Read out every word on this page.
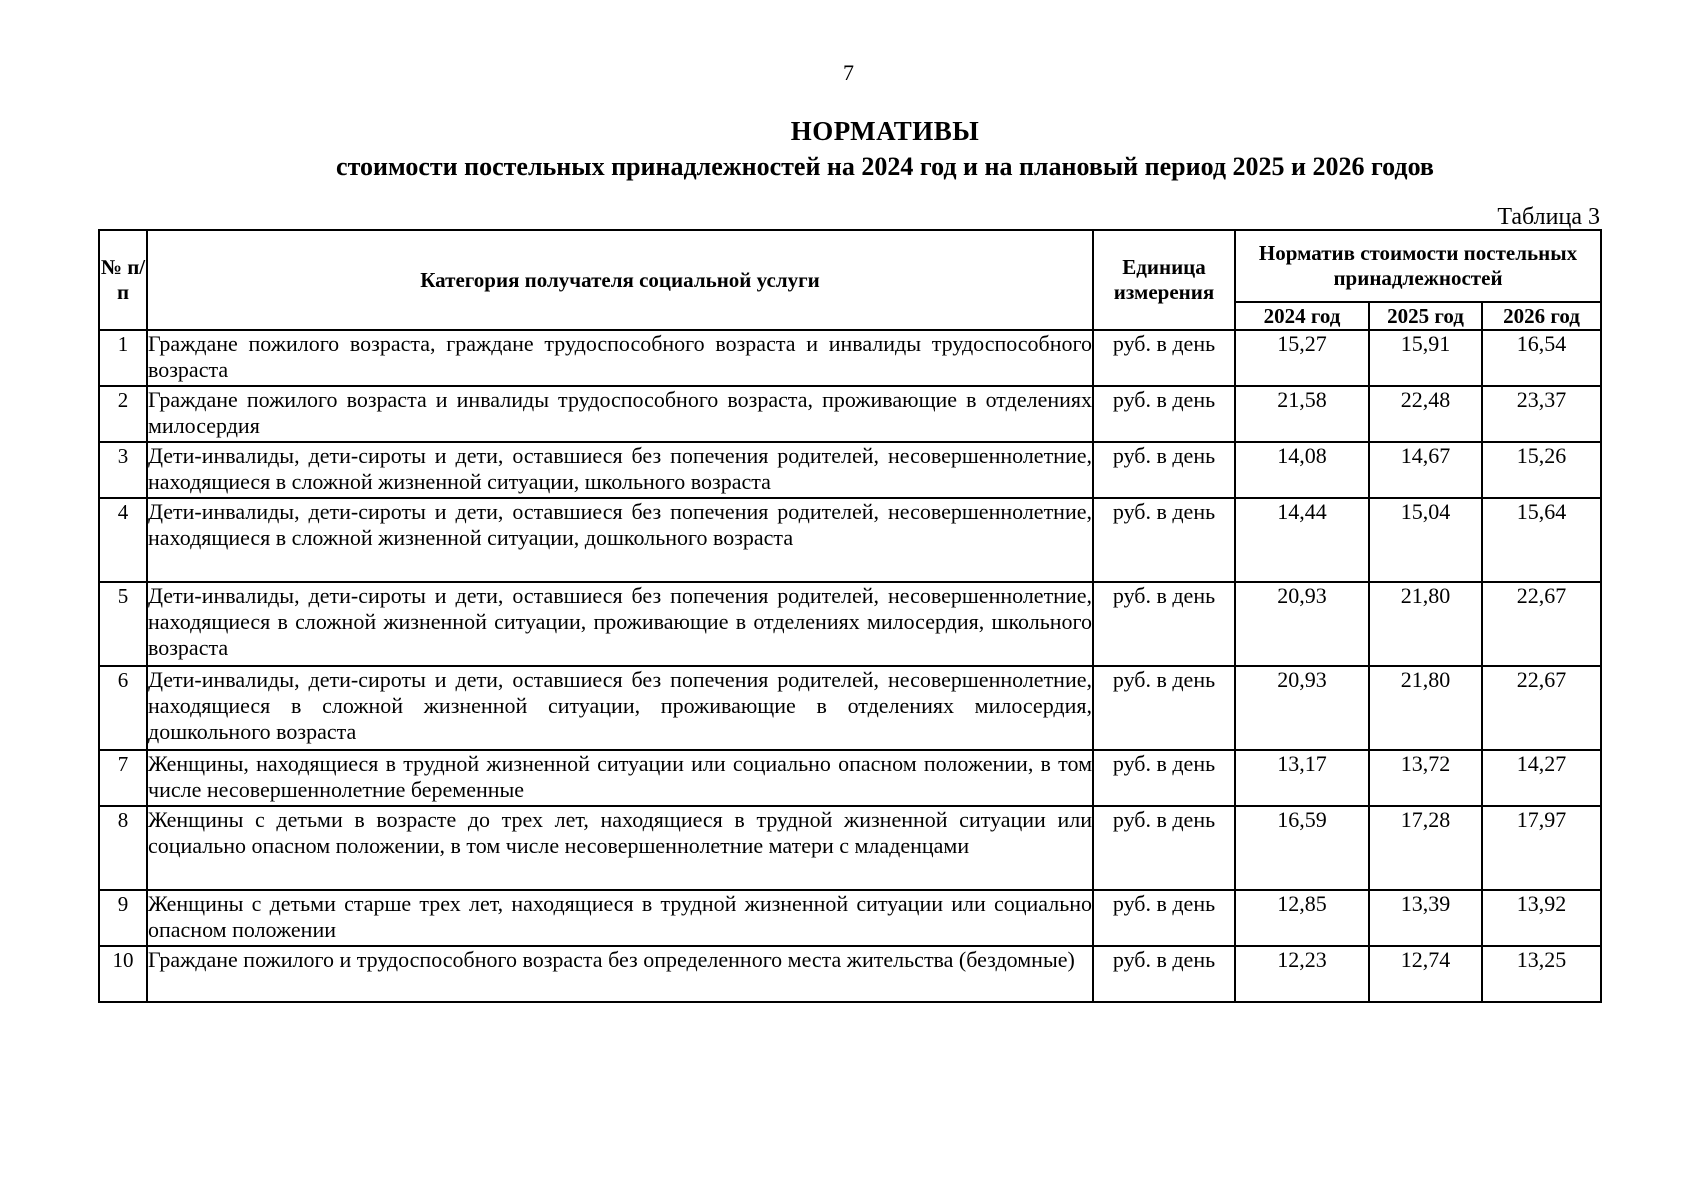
7
НОРМАТИВЫ
стоимости постельных принадлежностей на 2024 год и на плановый период 2025 и 2026 годов
Таблица 3
№ п/п	Категория получателя социальной услуги	Единица измерения	Норматив стоимости постельных принадлежностей		
			2024 год	2025 год	2026 год
1	Граждане пожилого возраста, граждане трудоспособного возраста и инвалиды трудоспособного возраста	руб. в день	15,27	15,91	16,54
2	Граждане пожилого возраста и инвалиды трудоспособного возраста, проживающие в отделениях милосердия	руб. в день	21,58	22,48	23,37
3	Дети-инвалиды, дети-сироты и дети, оставшиеся без попечения родителей, несовершеннолетние, находящиеся в сложной жизненной ситуации, школьного возраста	руб. в день	14,08	14,67	15,26
4	Дети-инвалиды, дети-сироты и дети, оставшиеся без попечения родителей, несовершеннолетние, находящиеся в сложной жизненной ситуации, дошкольного возраста	руб. в день	14,44	15,04	15,64
5	Дети-инвалиды, дети-сироты и дети, оставшиеся без попечения родителей, несовершеннолетние, находящиеся в сложной жизненной ситуации, проживающие в отделениях милосердия, школьного возраста	руб. в день	20,93	21,80	22,67
6	Дети-инвалиды, дети-сироты и дети, оставшиеся без попечения родителей, несовершеннолетние, находящиеся в сложной жизненной ситуации, проживающие в отделениях милосердия, дошкольного возраста	руб. в день	20,93	21,80	22,67
7	Женщины, находящиеся в трудной жизненной ситуации или социально опасном положении, в том числе несовершеннолетние беременные	руб. в день	13,17	13,72	14,27
8	Женщины с детьми в возрасте до трех лет, находящиеся в трудной жизненной ситуации или социально опасном положении, в том числе несовершеннолетние матери с младенцами	руб. в день	16,59	17,28	17,97
9	Женщины с детьми старше трех лет, находящиеся в трудной жизненной ситуации или социально опасном положении	руб. в день	12,85	13,39	13,92
10	Граждане пожилого и трудоспособного возраста без определенного места жительства (бездомные)	руб. в день	12,23	12,74	13,25
